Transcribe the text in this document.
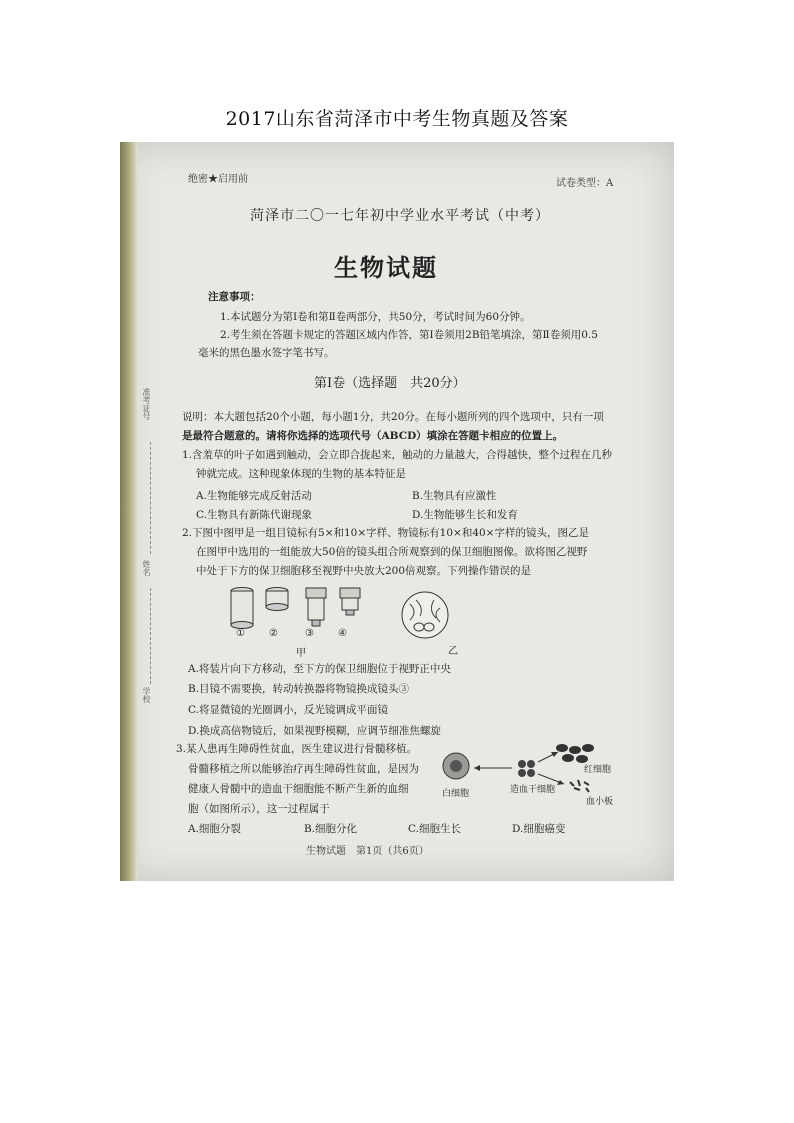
2017山东省菏泽市中考生物真题及答案
绝密★启用前	试卷类型：A
菏泽市二〇一七年初中学业水平考试（中考）
生物试题
注意事项：
1.本试题分为第Ⅰ卷和第Ⅱ卷两部分，共50分，考试时间为60分钟。
2.考生须在答题卡规定的答题区域内作答，第Ⅰ卷须用2B铅笔填涂，第Ⅱ卷须用0.5
毫米的黑色墨水签字笔书写。
第Ⅰ卷（选择题　共20分）
说明：本大题包括20个小题，每小题1分，共20分。在每小题所列的四个选项中，只有一项
是最符合题意的。请将你选择的选项代号（ABCD）填涂在答题卡相应的位置上。
准考证号
姓名
学校
1.含羞草的叶子如遇到触动，会立即合拢起来，触动的力量越大，合得越快，整个过程在几秒
钟就完成。这种现象体现的生物的基本特征是
A.生物能够完成反射活动	B.生物具有应激性
C.生物具有新陈代谢现象	D.生物能够生长和发育
2.下图中图甲是一组目镜标有5×和10×字样、物镜标有10×和40×字样的镜头，图乙是
在图甲中选用的一组能放大50倍的镜头组合所观察到的保卫细胞图像。欲将图乙视野
中处于下方的保卫细胞移至视野中央放大200倍观察。下列操作错误的是
① ②	③ ④
甲	乙
A.将装片向下方移动，至下方的保卫细胞位于视野正中央
B.目镜不需要换，转动转换器将物镜换成镜头③
C.将显微镜的光圈调小，反光镜调成平面镜
D.换成高倍物镜后，如果视野模糊，应调节细准焦螺旋
3.某人患再生障碍性贫血，医生建议进行骨髓移植。
骨髓移植之所以能够治疗再生障碍性贫血，是因为
健康人骨髓中的造血干细胞能不断产生新的血细
胞（如图所示），这一过程属于
白细胞	造血干细胞
红细胞
血小板
A.细胞分裂	B.细胞分化	C.细胞生长	D.细胞癌变
生物试题　第1页（共6页）
